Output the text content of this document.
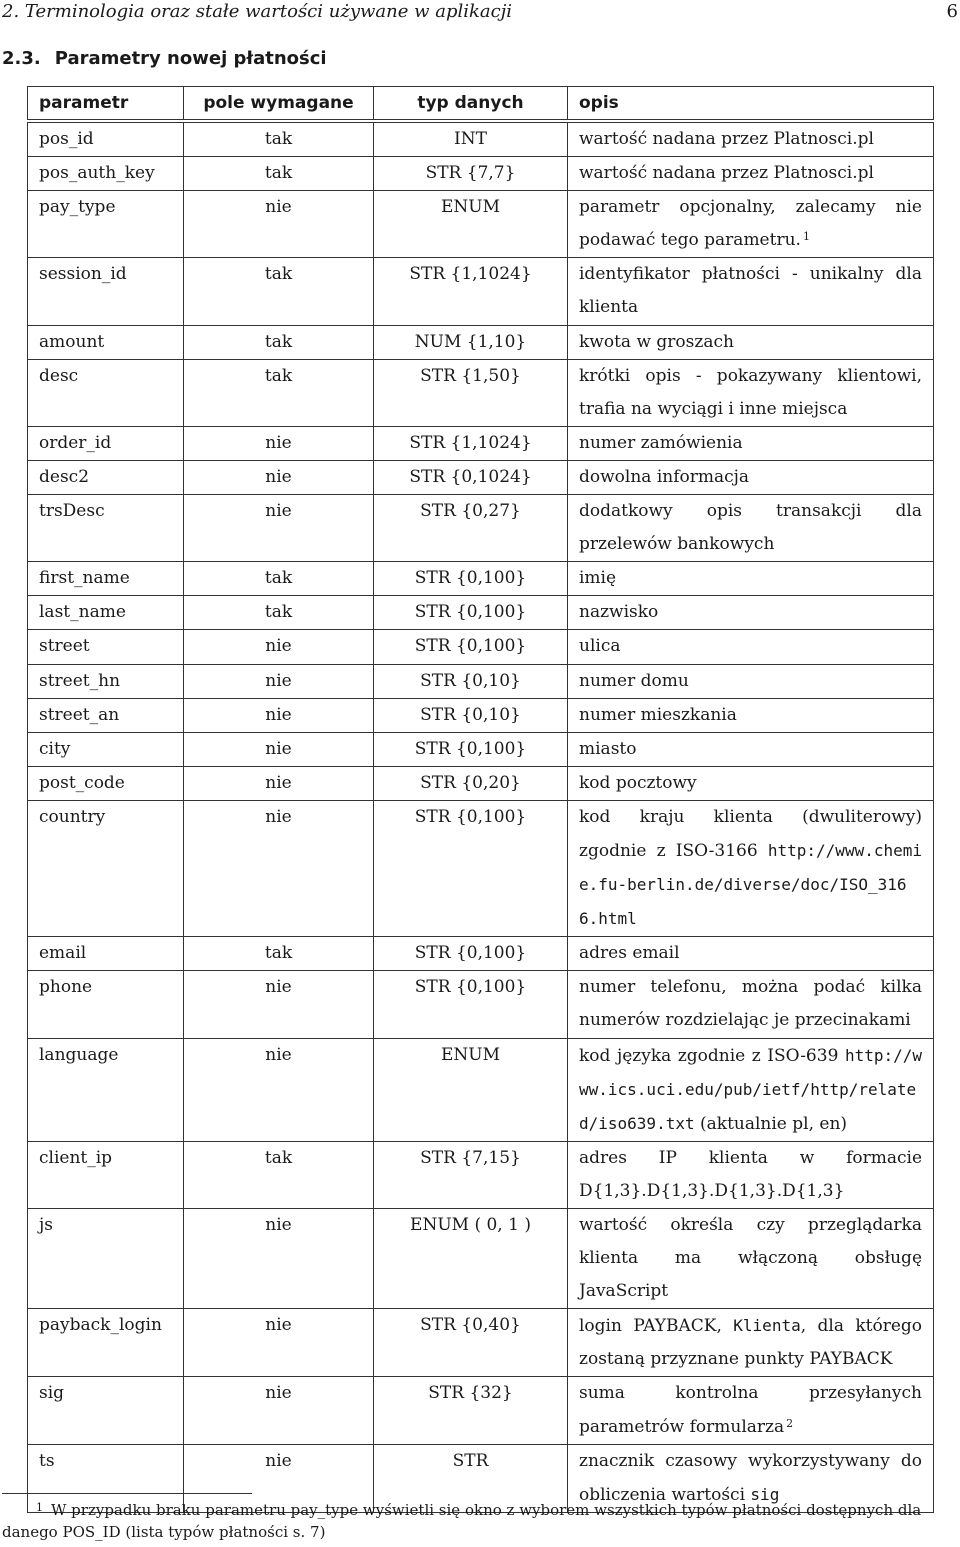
2. Terminologia oraz stałe wartości używane w aplikacji	6
2.3. Parametry nowej płatności
parametr	pole wymagane	typ danych	opis
pos_id	tak	INT	wartość nadana przez Platnosci.pl
pos_auth_key	tak	STR {7,7}	wartość nadana przez Platnosci.pl
pay_type	nie	ENUM	parametr opcjonalny, zalecamy nie podawać tego parametru. $^1$
session_id	tak	STR {1,1024}	identyfikator płatności - unikalny dla klienta
amount	tak	NUM {1,10}	kwota w groszach
desc	tak	STR {1,50}	krótki opis - pokazywany klientowi, trafia na wyciągi i inne miejsca
order_id	nie	STR {1,1024}	numer zamówienia
desc2	nie	STR {0,1024}	dowolna informacja
trsDesc	nie	STR {0,27}	dodatkowy opis transakcji dla przelewów bankowych
first_name	tak	STR {0,100}	imię
last_name	tak	STR {0,100}	nazwisko
street	nie	STR {0,100}	ulica
street_hn	nie	STR {0,10}	numer domu
street_an	nie	STR {0,10}	numer mieszkania
city	nie	STR {0,100}	miasto
post_code	nie	STR {0,20}	kod pocztowy
country	nie	STR {0,100}	kod kraju klienta (dwuliterowy) zgodnie z ISO-3166 http://www.chemie.fu-berlin.de/diverse/doc/ISO_3166.html
email	tak	STR {0,100}	adres email
phone	nie	STR {0,100}	numer telefonu, można podać kilka numerów rozdzielając je przecinakami
language	nie	ENUM	kod języka zgodnie z ISO-639 http://www.ics.uci.edu/pub/ietf/http/related/iso639.txt (aktualnie pl, en)
client_ip	tak	STR {7,15}	adres IP klienta w formacie D{1,3}.D{1,3}.D{1,3}.D{1,3}
js	nie	ENUM ( 0, 1 )	wartość określa czy przeglądarka klienta ma włączoną obsługę JavaScript
payback_login	nie	STR {0,40}	login PAYBACK, Klienta, dla którego zostaną przyznane punkty PAYBACK
sig	nie	STR {32}	suma kontrolna przesyłanych parametrów formularza $^2$
ts	nie	STR	znacznik czasowy wykorzystywany do obliczenia wartości sig
$^1$ W przypadku braku parametru pay_type wyświetli się okno z wyborem wszystkich typów płatności dostępnych dla danego POS_ID (lista typów płatności s. 7)
